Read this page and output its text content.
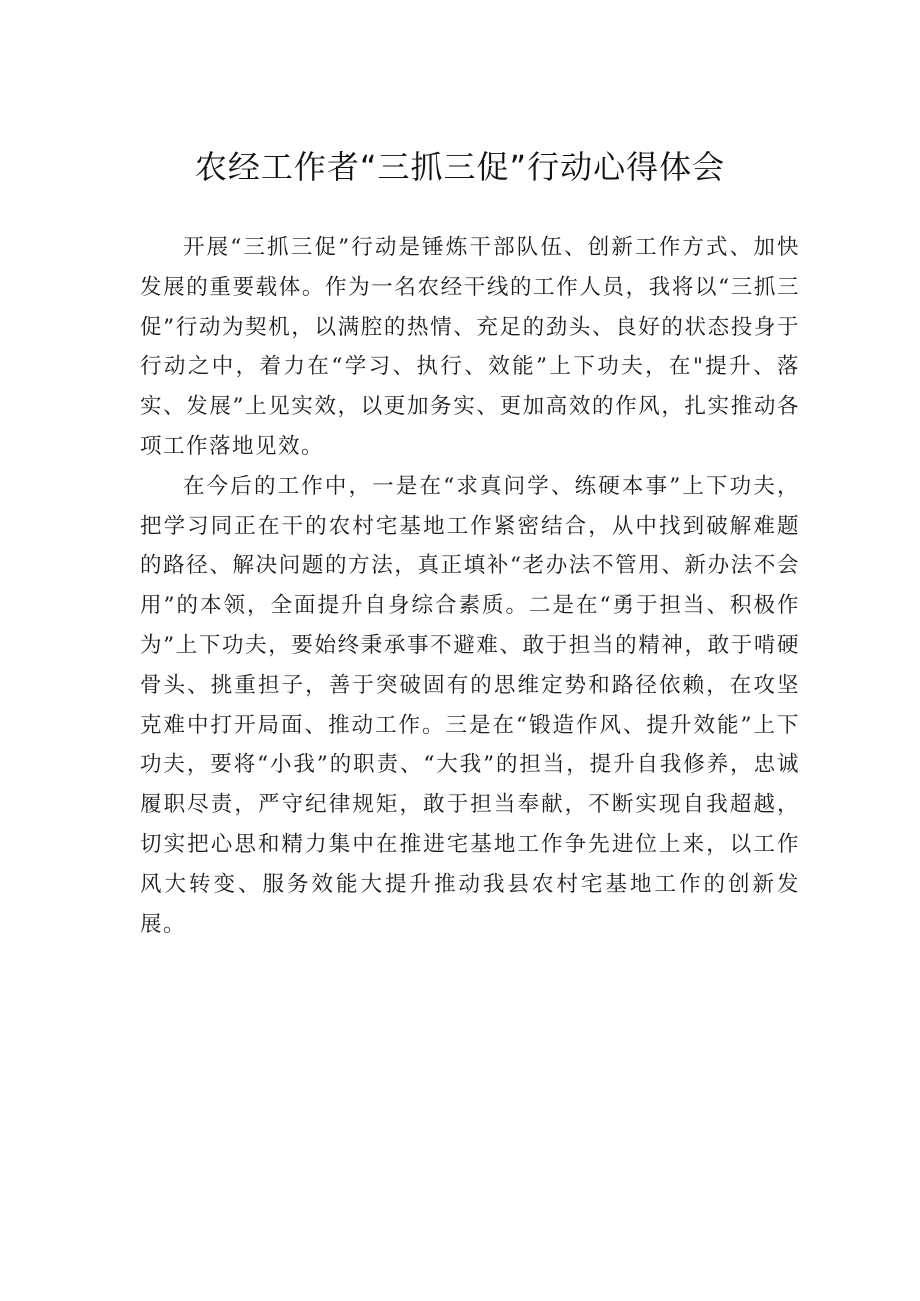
农经工作者“三抓三促”行动心得体会

开展“三抓三促”行动是锤炼干部队伍、创新工作方式、加快发展的重要载体。作为一名农经干线的工作人员，我将以“三抓三促”行动为契机，以满腔的热情、充足的劲头、良好的状态投身于行动之中，着力在“学习、执行、效能”上下功夫，在"提升、落实、发展”上见实效，以更加务实、更加高效的作风，扎实推动各项工作落地见效。

在今后的工作中，一是在“求真问学、练硬本事”上下功夫，把学习同正在干的农村宅基地工作紧密结合，从中找到破解难题的路径、解决问题的方法，真正填补“老办法不管用、新办法不会用”的本领，全面提升自身综合素质。二是在“勇于担当、积极作为”上下功夫，要始终秉承事不避难、敢于担当的精神，敢于啃硬骨头、挑重担子，善于突破固有的思维定势和路径依赖，在攻坚克难中打开局面、推动工作。三是在“锻造作风、提升效能”上下功夫，要将“小我”的职责、“大我”的担当，提升自我修养，忠诚履职尽责，严守纪律规矩，敢于担当奉献，不断实现自我超越，切实把心思和精力集中在推进宅基地工作争先进位上来，以工作风大转变、服务效能大提升推动我县农村宅基地工作的创新发展。
